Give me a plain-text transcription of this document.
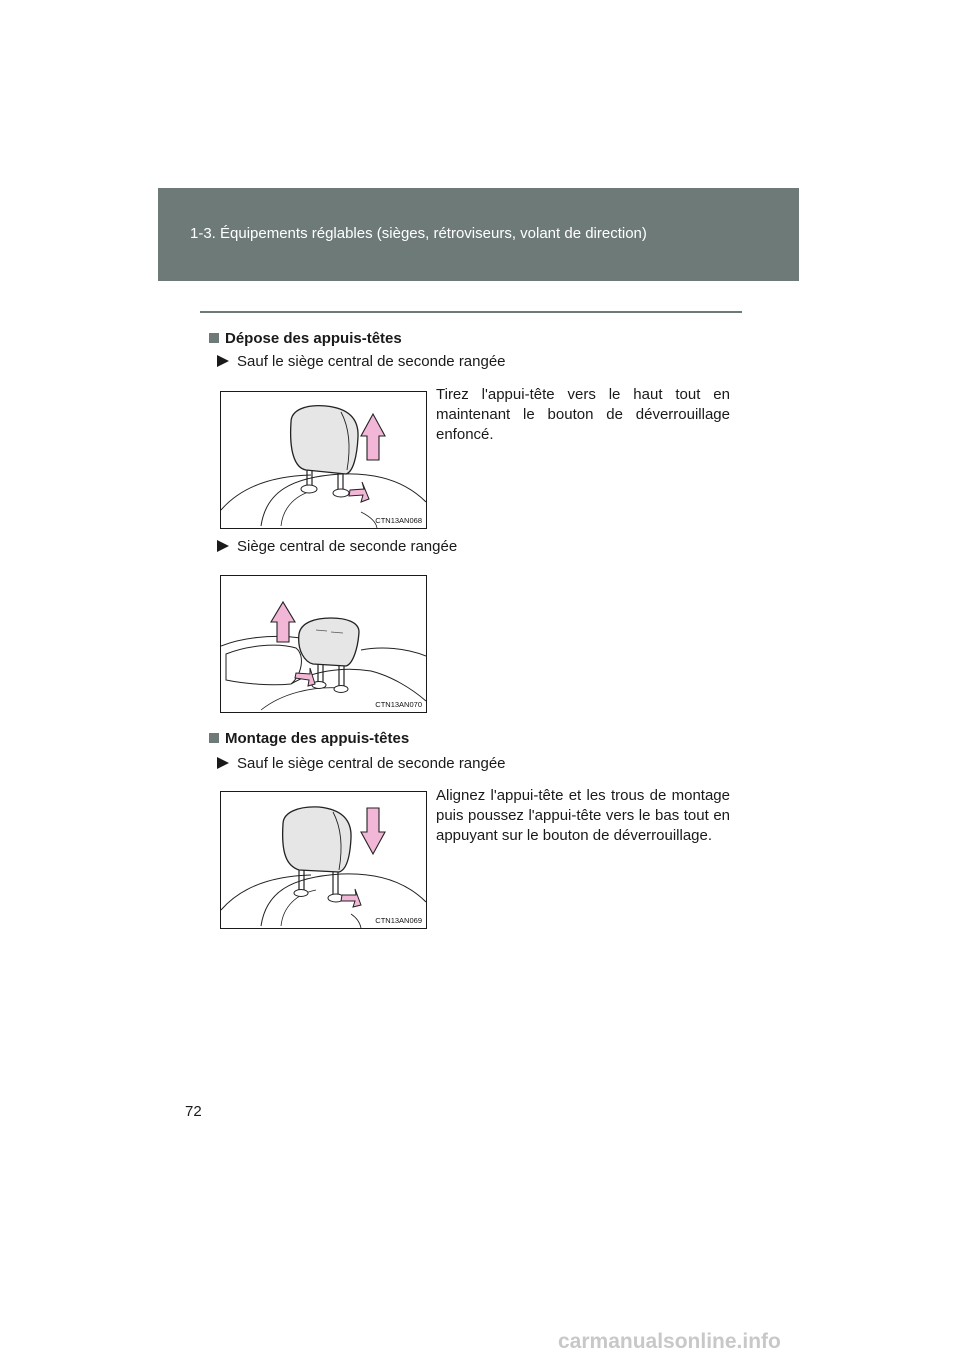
1-3. Équipements réglables (sièges, rétroviseurs, volant de direction)
Dépose des appuis-têtes
Sauf le siège central de seconde rangée
CTN13AN068
Tirez l'appui-tête vers le haut tout en maintenant le bouton de déverrouillage enfoncé.
Siège central de seconde rangée
CTN13AN070
Montage des appuis-têtes
Sauf le siège central de seconde rangée
CTN13AN069
Alignez l'appui-tête et les trous de montage puis poussez l'appui-tête vers le bas tout en appuyant sur le bouton de déverrouillage.
72
carmanualsonline.info
